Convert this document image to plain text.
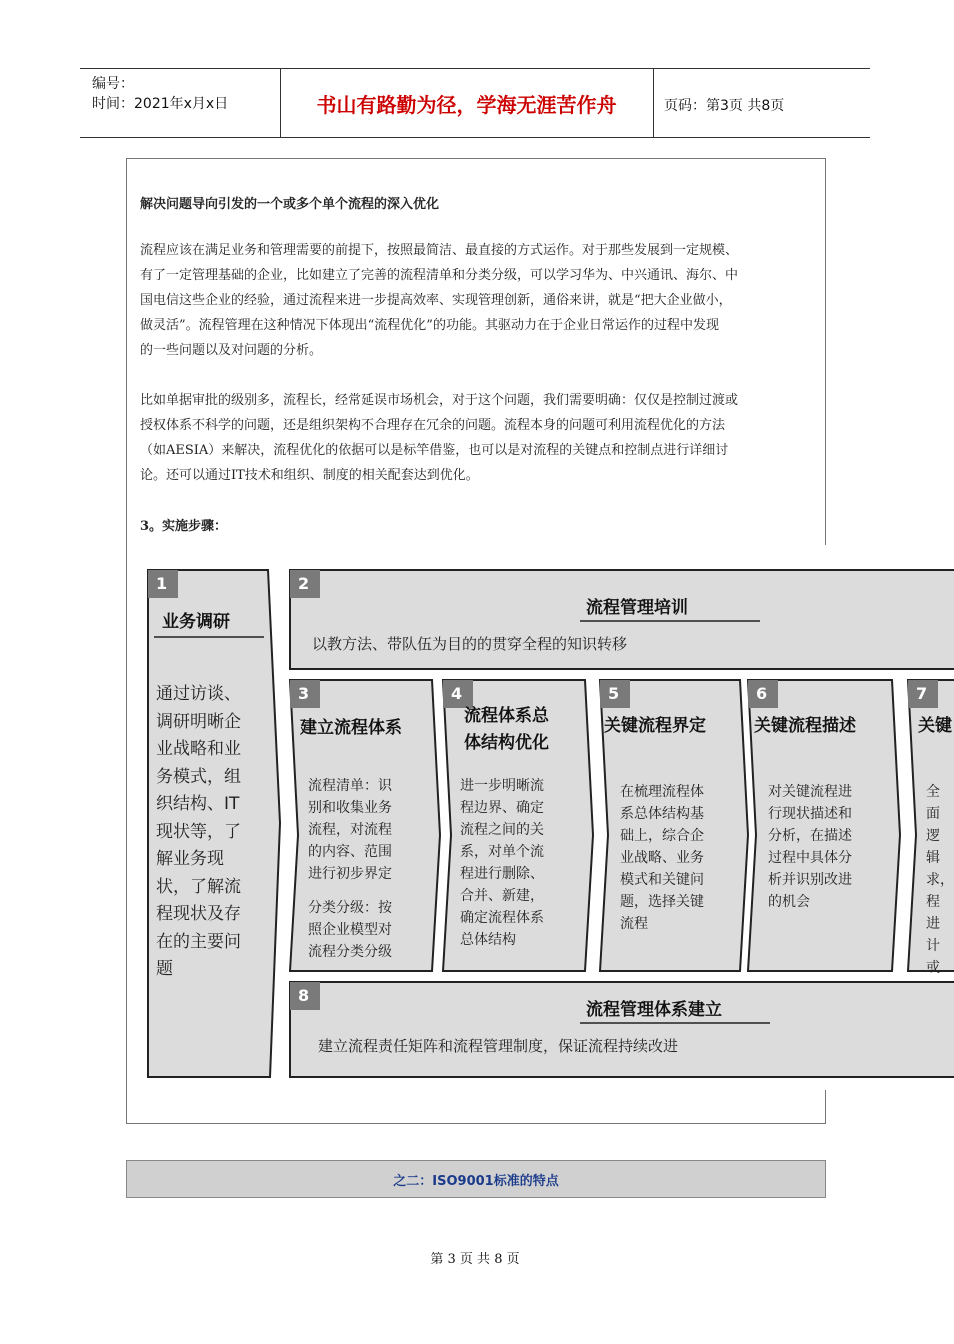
编号：
时间：2021年x月x日	书山有路勤为径，学海无涯苦作舟	页码：第3页 共8页
解决问题导向引发的一个或多个单个流程的深入优化
流程应该在满足业务和管理需要的前提下，按照最简洁、最直接的方式运作。对于那些发展到一定规模、
有了一定管理基础的企业，比如建立了完善的流程清单和分类分级，可以学习华为、中兴通讯、海尔、中
国电信这些企业的经验，通过流程来进一步提高效率、实现管理创新，通俗来讲，就是“把大企业做小，
做灵活”。流程管理在这种情况下体现出“流程优化”的功能。其驱动力在于企业日常运作的过程中发现
的一些问题以及对问题的分析。
比如单据审批的级别多，流程长，经常延误市场机会，对于这个问题，我们需要明确：仅仅是控制过渡或
授权体系不科学的问题，还是组织架构不合理存在冗余的问题。流程本身的问题可利用流程优化的方法
（如AESIA）来解决，流程优化的依据可以是标竿借鉴，也可以是对流程的关键点和控制点进行详细讨
论。还可以通过IT技术和组织、制度的相关配套达到优化。
3。实施步骤：
1	2
3	4	5	6	7
8
业务调研
流程管理培训
建立流程体系
流程体系总
体结构优化
关键流程界定	关键流程描述	关键
流程管理体系建立
通过访谈、
调研明晰企
业战略和业
务模式，组
织结构、IT
现状等，了
解业务现
状，了解流
程现状及存
在的主要问
题
以教方法、带队伍为目的的贯穿全程的知识转移
流程清单：识
别和收集业务
流程，对流程
的内容、范围
进行初步界定
分类分级：按
照企业模型对
流程分类分级
进一步明晰流
程边界、确定
流程之间的关
系，对单个流
程进行删除、
合并、新建，
确定流程体系
总体结构
在梳理流程体
系总体结构基
础上，综合企
业战略、业务
模式和关键问
题，选择关键
流程
对关键流程进
行现状描述和
分析，在描述
过程中具体分
析并识别改进
的机会
全面
逻辑
求，
程进
计或
建立流程责任矩阵和流程管理制度，保证流程持续改进
之二：ISO9001标准的特点
第 3 页 共 8 页
